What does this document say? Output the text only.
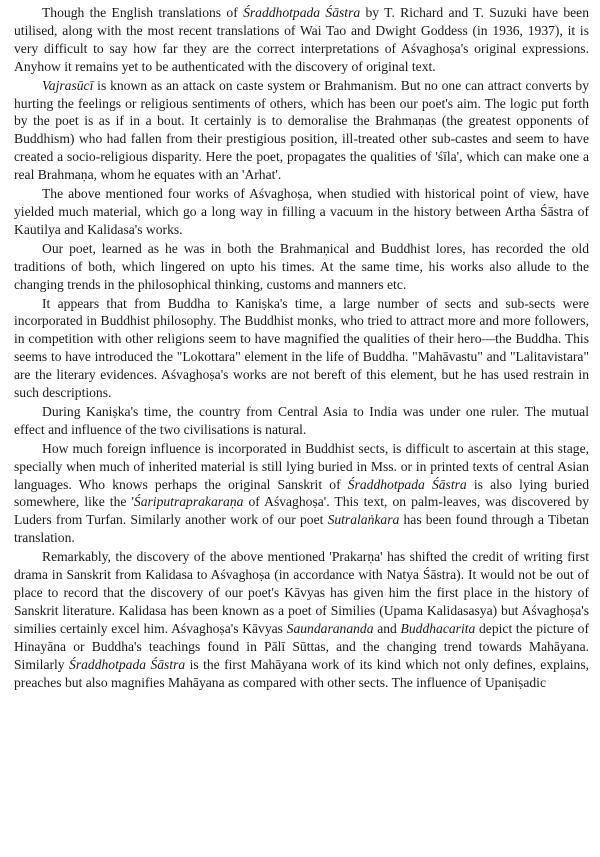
Though the English translations of Śraddhotpada Śāstra by T. Richard and T. Suzuki have been utilised, along with the most recent translations of Wai Tao and Dwight Goddess (in 1936, 1937), it is very difficult to say how far they are the correct interpretations of Aśvaghoṣa's original expressions. Anyhow it remains yet to be authenticated with the discovery of original text.

Vajrasūcī is known as an attack on caste system or Brahmanism. But no one can attract converts by hurting the feelings or religious sentiments of others, which has been our poet's aim. The logic put forth by the poet is as if in a bout. It certainly is to demoralise the Brahmaṇas (the greatest opponents of Buddhism) who had fallen from their prestigious position, ill-treated other sub-castes and seem to have created a socio-religious disparity. Here the poet, propagates the qualities of 'śīla', which can make one a real Brahmaṇa, whom he equates with an 'Arhat'.

The above mentioned four works of Aśvaghoṣa, when studied with historical point of view, have yielded much material, which go a long way in filling a vacuum in the history between Artha Śāstra of Kautilya and Kalidasa's works.

Our poet, learned as he was in both the Brahmaṇical and Buddhist lores, has recorded the old traditions of both, which lingered on upto his times. At the same time, his works also allude to the changing trends in the philosophical thinking, customs and manners etc.

It appears that from Buddha to Kaniṣka's time, a large number of sects and sub-sects were incorporated in Buddhist philosophy. The Buddhist monks, who tried to attract more and more followers, in competition with other religions seem to have magnified the qualities of their hero—the Buddha. This seems to have introduced the "Lokottara" element in the life of Buddha. "Mahāvastu" and "Lalitavistara" are the literary evidences. Aśvaghoṣa's works are not bereft of this element, but he has used restrain in such descriptions.

During Kaniṣka's time, the country from Central Asia to India was under one ruler. The mutual effect and influence of the two civilisations is natural.

How much foreign influence is incorporated in Buddhist sects, is difficult to ascertain at this stage, specially when much of inherited material is still lying buried in Mss. or in printed texts of central Asian languages. Who knows perhaps the original Sanskrit of Śraddhotpada Śāstra is also lying buried somewhere, like the 'Śariputraprakaraṇa of Aśvaghoṣa'. This text, on palm-leaves, was discovered by Luders from Turfan. Similarly another work of our poet Sutralaṅkara has been found through a Tibetan translation.

Remarkably, the discovery of the above mentioned 'Prakarṇa' has shifted the credit of writing first drama in Sanskrit from Kalidasa to Aśvaghoṣa (in accordance with Natya Śāstra). It would not be out of place to record that the discovery of our poet's Kāvyas has given him the first place in the history of Sanskrit literature. Kalidasa has been known as a poet of Similies (Upama Kalidasasya) but Aśvaghoṣa's similies certainly excel him. Aśvaghoṣa's Kāvyas Saundarananda and Buddhacarita depict the picture of Hinayāna or Buddha's teachings found in Pālī Sūttas, and the changing trend towards Mahāyana. Similarly Śraddhotpada Śāstra is the first Mahāyana work of its kind which not only defines, explains, preaches but also magnifies Mahāyana as compared with other sects. The influence of Upaniṣadic
